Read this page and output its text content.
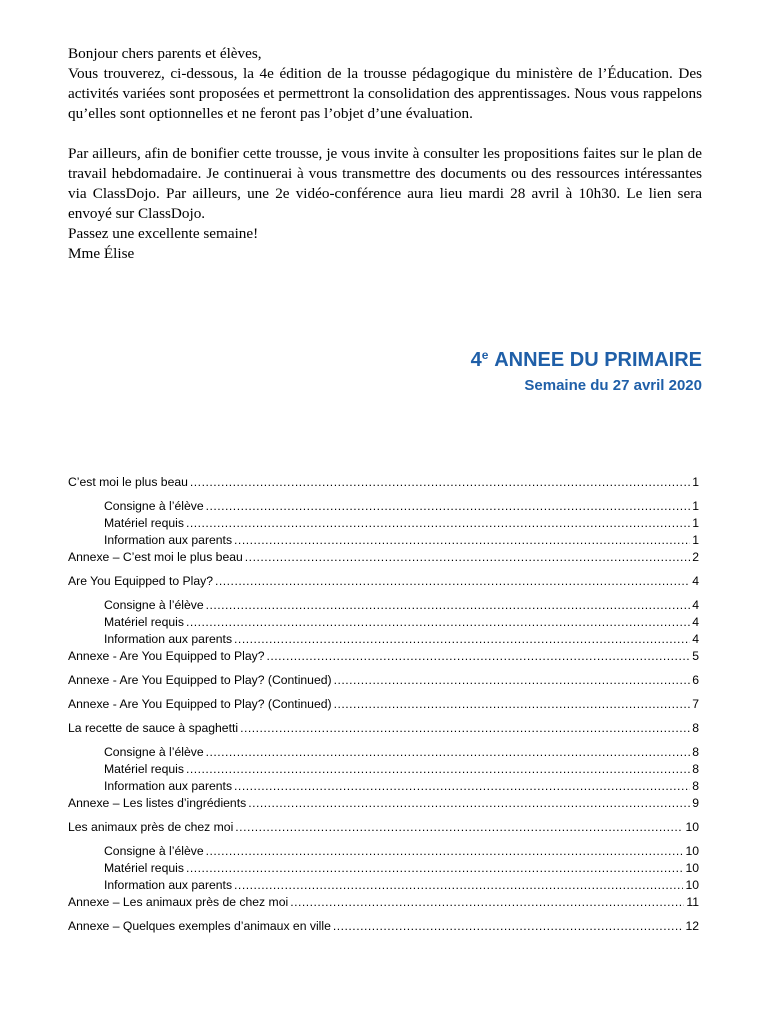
Bonjour chers parents et élèves,

Vous trouverez, ci-dessous, la 4e édition de la trousse pédagogique du ministère de l’Éducation. Des activités variées sont proposées et permettront la consolidation des apprentissages. Nous vous rappelons qu’elles sont optionnelles et ne feront pas l’objet d’une évaluation.

Par ailleurs, afin de bonifier cette trousse, je vous invite à consulter les propositions faites sur le plan de travail hebdomadaire. Je continuerai à vous transmettre des documents ou des ressources intéressantes via ClassDojo. Par ailleurs, une 2e vidéo-conférence aura lieu mardi 28 avril à 10h30. Le lien sera envoyé sur ClassDojo.

Passez une excellente semaine!

Mme Élise

4e ANNEE DU PRIMAIRE
Semaine du 27 avril 2020
C’est moi le plus beau .....	1
Consigne à l’élève .....	1
Matériel requis .....	1
Information aux parents .....	1
Annexe – C’est moi le plus beau .....	2
Are You Equipped to Play? .....	4
Consigne à l’élève .....	4
Matériel requis .....	4
Information aux parents .....	4
Annexe - Are You Equipped to Play? .....	5
Annexe - Are You Equipped to Play? (Continued) .....	6
Annexe - Are You Equipped to Play? (Continued) .....	7
La recette de sauce à spaghetti .....	8
Consigne à l’élève .....	8
Matériel requis .....	8
Information aux parents .....	8
Annexe – Les listes d’ingrédients .....	9
Les animaux près de chez moi .....	10
Consigne à l’élève .....	10
Matériel requis .....	10
Information aux parents .....	10
Annexe – Les animaux près de chez moi .....	11
Annexe – Quelques exemples d’animaux en ville .....	12
